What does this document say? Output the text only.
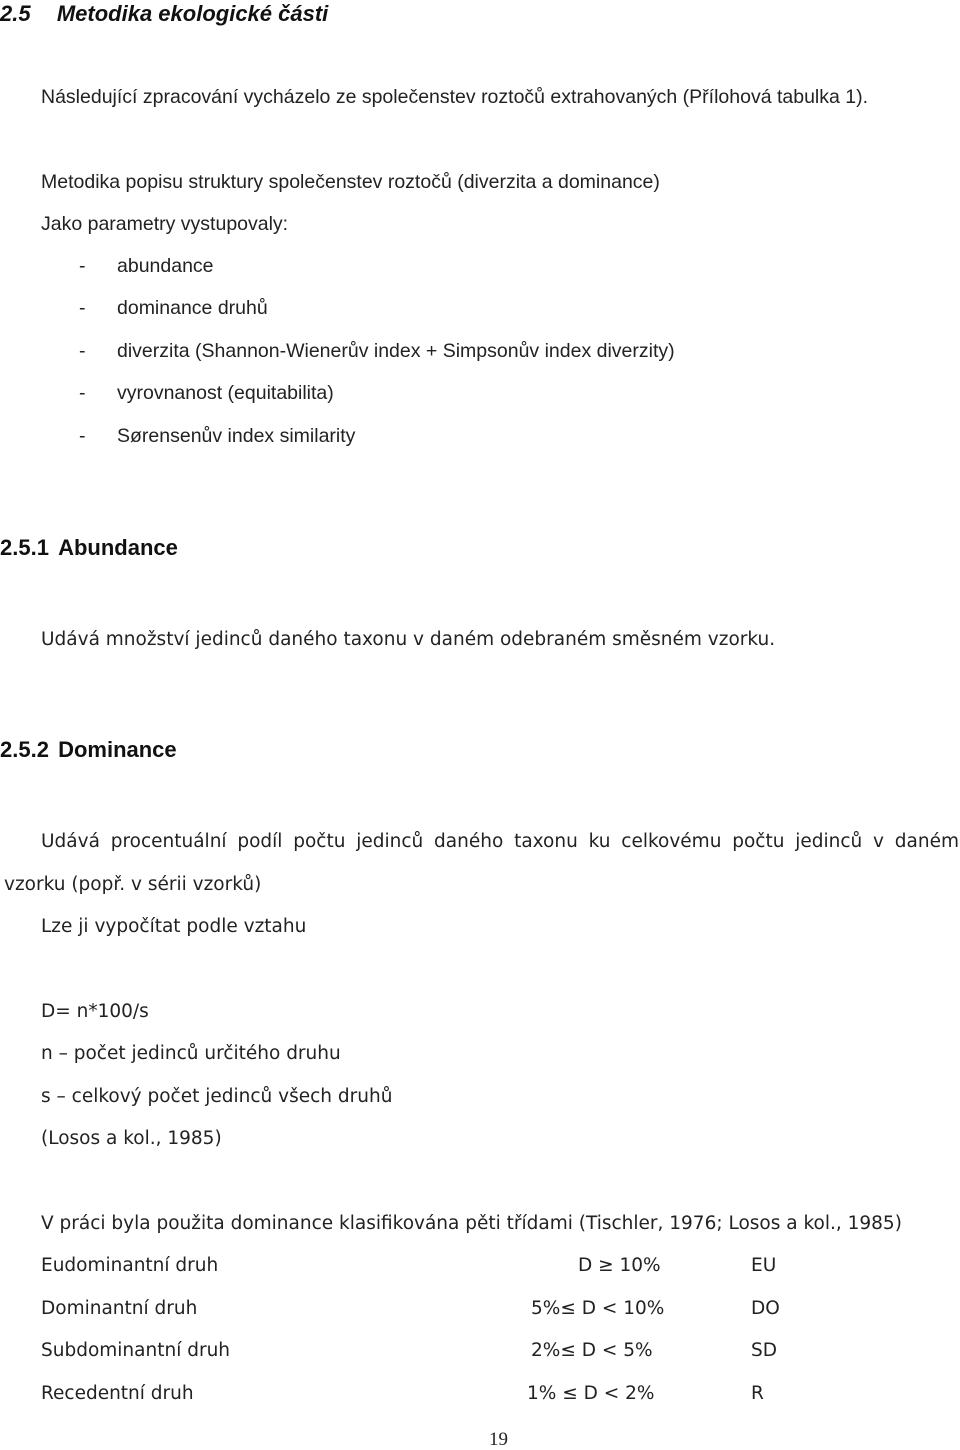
2.5 Metodika ekologické části
Následující zpracování vycházelo ze společenstev roztočů extrahovaných (Přílohová tabulka 1).
Metodika popisu struktury společenstev roztočů (diverzita a dominance)
Jako parametry vystupovaly:
- abundance
- dominance druhů
- diverzita (Shannon-Wienerův index + Simpsonův index diverzity)
- vyrovnanost (equitabilita)
- Sørensenův index similarity
2.5.1 Abundance
Udává množství jedinců daného taxonu v daném odebraném směsném vzorku.
2.5.2 Dominance
Udává procentuální podíl počtu jedinců daného taxonu ku celkovému počtu jedinců v daném
vzorku (popř. v sérii vzorků)
Lze ji vypočítat podle vztahu
D= n*100/s
n – počet jedinců určitého druhu
s – celkový počet jedinců všech druhů
(Losos a kol., 1985)
V práci byla použita dominance klasifikována pěti třídami (Tischler, 1976; Losos a kol., 1985)
Eudominantní druh	D ≥ 10%	EU
Dominantní druh	5%≤ D < 10%	DO
Subdominantní druh	2%≤ D < 5%	SD
Recedentní druh	1% ≤ D < 2%	R
19
